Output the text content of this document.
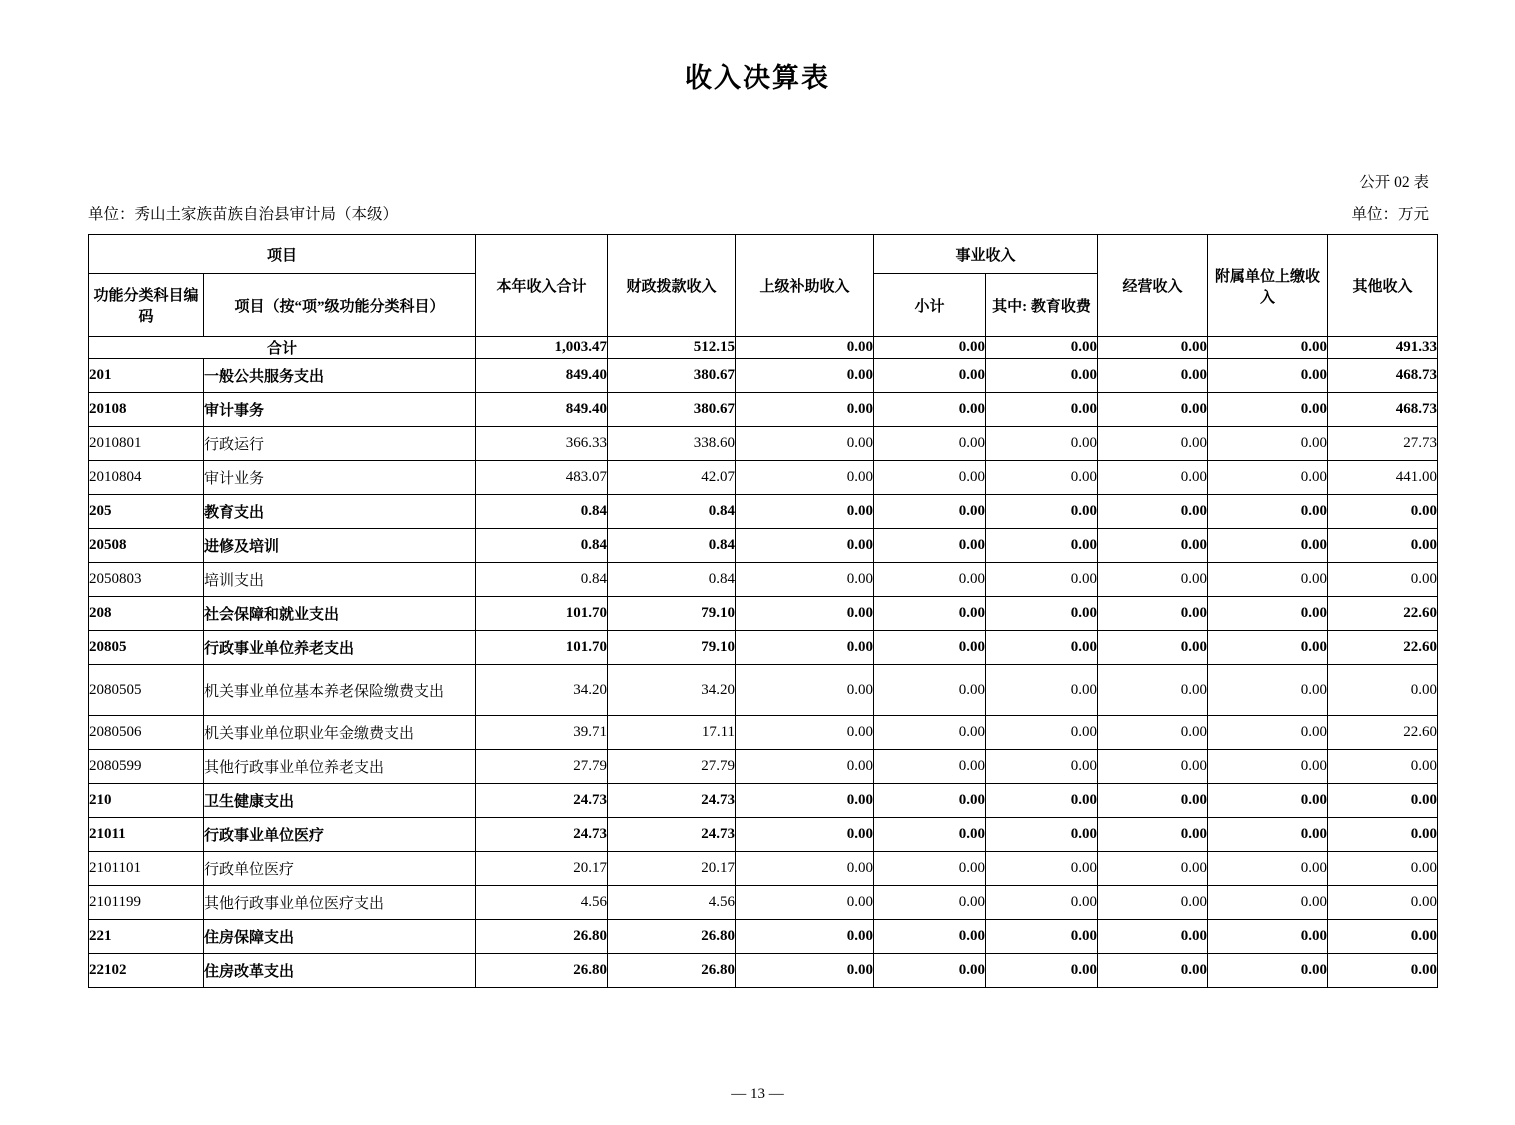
收入决算表
公开 02 表
单位：秀山土家族苗族自治县审计局（本级）	单位：万元
项目		本年收入合计	财政拨款收入	上级补助收入	事业收入		经营收入	附属单位上缴收入	其他收入
功能分类科目编码	项目（按“项”级功能分类科目）				小计	其中: 教育收费			
合计		1,003.47	512.15	0.00	0.00	0.00	0.00	0.00	491.33
201	一般公共服务支出	849.40	380.67	0.00	0.00	0.00	0.00	0.00	468.73
20108	审计事务	849.40	380.67	0.00	0.00	0.00	0.00	0.00	468.73
2010801	行政运行	366.33	338.60	0.00	0.00	0.00	0.00	0.00	27.73
2010804	审计业务	483.07	42.07	0.00	0.00	0.00	0.00	0.00	441.00
205	教育支出	0.84	0.84	0.00	0.00	0.00	0.00	0.00	0.00
20508	进修及培训	0.84	0.84	0.00	0.00	0.00	0.00	0.00	0.00
2050803	培训支出	0.84	0.84	0.00	0.00	0.00	0.00	0.00	0.00
208	社会保障和就业支出	101.70	79.10	0.00	0.00	0.00	0.00	0.00	22.60
20805	行政事业单位养老支出	101.70	79.10	0.00	0.00	0.00	0.00	0.00	22.60
2080505	机关事业单位基本养老保险缴费支出	34.20	34.20	0.00	0.00	0.00	0.00	0.00	0.00
2080506	机关事业单位职业年金缴费支出	39.71	17.11	0.00	0.00	0.00	0.00	0.00	22.60
2080599	其他行政事业单位养老支出	27.79	27.79	0.00	0.00	0.00	0.00	0.00	0.00
210	卫生健康支出	24.73	24.73	0.00	0.00	0.00	0.00	0.00	0.00
21011	行政事业单位医疗	24.73	24.73	0.00	0.00	0.00	0.00	0.00	0.00
2101101	行政单位医疗	20.17	20.17	0.00	0.00	0.00	0.00	0.00	0.00
2101199	其他行政事业单位医疗支出	4.56	4.56	0.00	0.00	0.00	0.00	0.00	0.00
221	住房保障支出	26.80	26.80	0.00	0.00	0.00	0.00	0.00	0.00
22102	住房改革支出	26.80	26.80	0.00	0.00	0.00	0.00	0.00	0.00
— 13 —
